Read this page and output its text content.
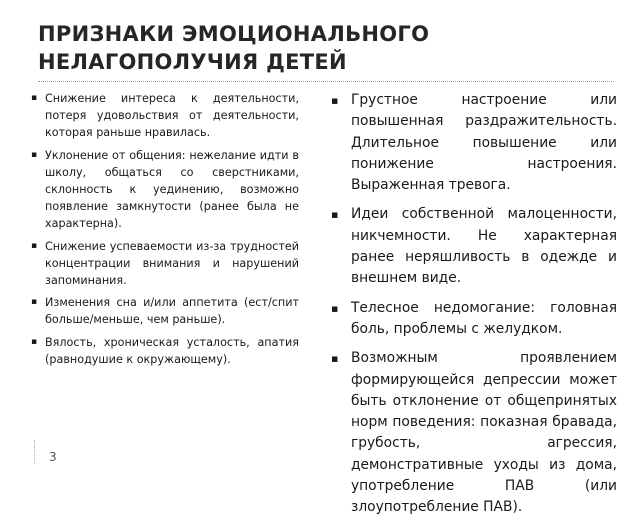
ПРИЗНАКИ ЭМОЦИОНАЛЬНОГО НЕЛАГОПОЛУЧИЯ ДЕТЕЙ
▪ Снижение интереса к деятельности, потеря удовольствия от деятельности, которая раньше нравилась.
▪ Уклонение от общения: нежелание идти в школу, общаться со сверстниками, склонность к уединению, возможно появление замкнутости (ранее была не характерна).
▪ Снижение успеваемости из-за трудностей концентрации внимания и нарушений запоминания.
▪ Изменения сна и/или аппетита (ест/спит больше/меньше, чем раньше).
▪ Вялость, хроническая усталость, апатия (равнодушие к окружающему).
▪ Грустное настроение или повышенная раздражительность. Длительное повышение или понижение настроения. Выраженная тревога.
▪ Идеи собственной малоценности, никчемности. Не характерная ранее неряшливость в одежде и внешнем виде.
▪ Телесное недомогание: головная боль, проблемы с желудком.
▪ Возможным проявлением формирующейся депрессии может быть отклонение от общепринятых норм поведения: показная бравада, грубость, агрессия, демонстративные уходы из дома, употребление ПАВ (или злоупотребление ПАВ).
3
